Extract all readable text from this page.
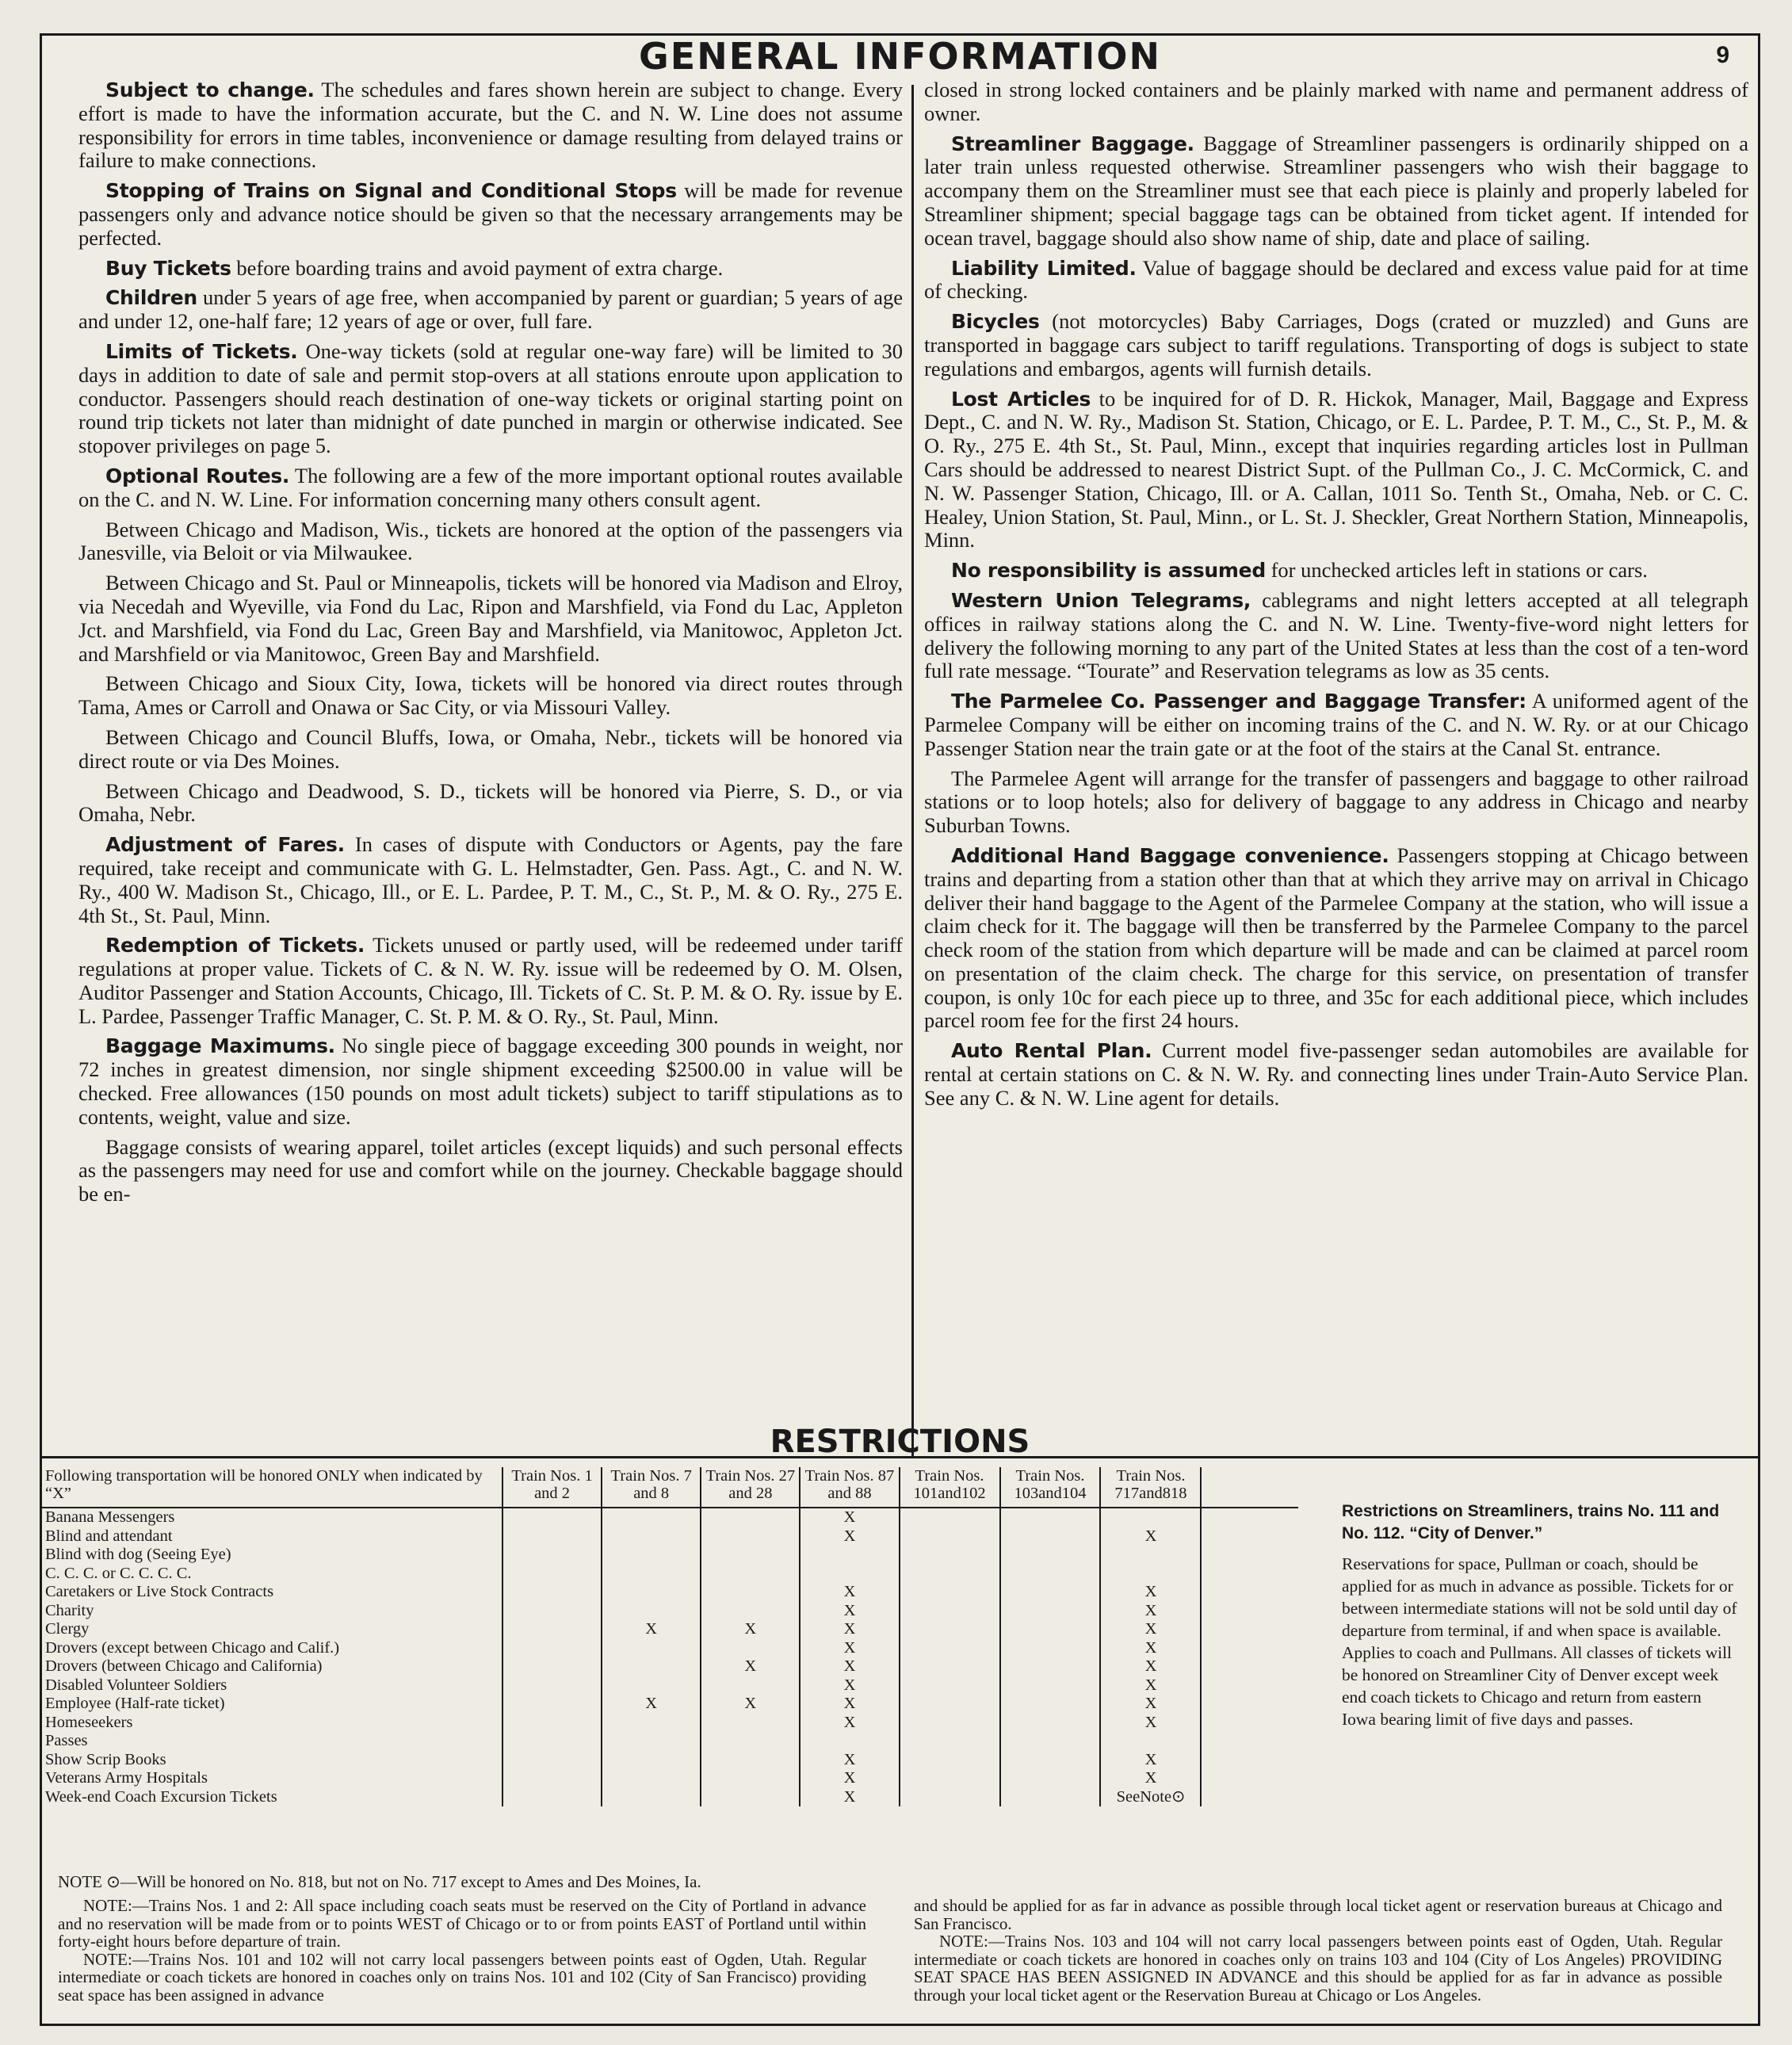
9
GENERAL INFORMATION

Subject to change. The schedules and fares shown herein are subject to change. Every effort is made to have the information accurate, but the C. and N. W. Line does not assume responsibility for errors in time tables, inconvenience or damage resulting from delayed trains or failure to make connections.

Stopping of Trains on Signal and Conditional Stops will be made for revenue passengers only and advance notice should be given so that the necessary arrangements may be perfected.

Buy Tickets before boarding trains and avoid payment of extra charge.

Children under 5 years of age free, when accompanied by parent or guardian; 5 years of age and under 12, one-half fare; 12 years of age or over, full fare.

Limits of Tickets. One-way tickets (sold at regular one-way fare) will be limited to 30 days in addition to date of sale and permit stop-overs at all stations enroute upon application to conductor. Passengers should reach destination of one-way tickets or original starting point on round trip tickets not later than midnight of date punched in margin or otherwise indicated. See stopover privileges on page 5.

Optional Routes. The following are a few of the more important optional routes available on the C. and N. W. Line. For information concerning many others consult agent.

Between Chicago and Madison, Wis., tickets are honored at the option of the passengers via Janesville, via Beloit or via Milwaukee.

Between Chicago and St. Paul or Minneapolis, tickets will be honored via Madison and Elroy, via Necedah and Wyeville, via Fond du Lac, Ripon and Marshfield, via Fond du Lac, Appleton Jct. and Marshfield, via Fond du Lac, Green Bay and Marshfield, via Manitowoc, Appleton Jct. and Marshfield or via Manitowoc, Green Bay and Marshfield.

Between Chicago and Sioux City, Iowa, tickets will be honored via direct routes through Tama, Ames or Carroll and Onawa or Sac City, or via Missouri Valley.

Between Chicago and Council Bluffs, Iowa, or Omaha, Nebr., tickets will be honored via direct route or via Des Moines.

Between Chicago and Deadwood, S. D., tickets will be honored via Pierre, S. D., or via Omaha, Nebr.

Adjustment of Fares. In cases of dispute with Conductors or Agents, pay the fare required, take receipt and communicate with G. L. Helmstadter, Gen. Pass. Agt., C. and N. W. Ry., 400 W. Madison St., Chicago, Ill., or E. L. Pardee, P. T. M., C., St. P., M. & O. Ry., 275 E. 4th St., St. Paul, Minn.

Redemption of Tickets. Tickets unused or partly used, will be redeemed under tariff regulations at proper value. Tickets of C. & N. W. Ry. issue will be redeemed by O. M. Olsen, Auditor Passenger and Station Accounts, Chicago, Ill. Tickets of C. St. P. M. & O. Ry. issue by E. L. Pardee, Passenger Traffic Manager, C. St. P. M. & O. Ry., St. Paul, Minn.

Baggage Maximums. No single piece of baggage exceeding 300 pounds in weight, nor 72 inches in greatest dimension, nor single shipment exceeding $2500.00 in value will be checked. Free allowances (150 pounds on most adult tickets) subject to tariff stipulations as to contents, weight, value and size.

Baggage consists of wearing apparel, toilet articles (except liquids) and such personal effects as the passengers may need for use and comfort while on the journey. Checkable baggage should be en-

closed in strong locked containers and be plainly marked with name and permanent address of owner.

Streamliner Baggage. Baggage of Streamliner passengers is ordinarily shipped on a later train unless requested otherwise. Streamliner passengers who wish their baggage to accompany them on the Streamliner must see that each piece is plainly and properly labeled for Streamliner shipment; special baggage tags can be obtained from ticket agent. If intended for ocean travel, baggage should also show name of ship, date and place of sailing.

Liability Limited. Value of baggage should be declared and excess value paid for at time of checking.

Bicycles (not motorcycles) Baby Carriages, Dogs (crated or muzzled) and Guns are transported in baggage cars subject to tariff regulations. Transporting of dogs is subject to state regulations and embargos, agents will furnish details.

Lost Articles to be inquired for of D. R. Hickok, Manager, Mail, Baggage and Express Dept., C. and N. W. Ry., Madison St. Station, Chicago, or E. L. Pardee, P. T. M., C., St. P., M. & O. Ry., 275 E. 4th St., St. Paul, Minn., except that inquiries regarding articles lost in Pullman Cars should be addressed to nearest District Supt. of the Pullman Co., J. C. McCormick, C. and N. W. Passenger Station, Chicago, Ill. or A. Callan, 1011 So. Tenth St., Omaha, Neb. or C. C. Healey, Union Station, St. Paul, Minn., or L. St. J. Sheckler, Great Northern Station, Minneapolis, Minn.

No responsibility is assumed for unchecked articles left in stations or cars.

Western Union Telegrams, cablegrams and night letters accepted at all telegraph offices in railway stations along the C. and N. W. Line. Twenty-five-word night letters for delivery the following morning to any part of the United States at less than the cost of a ten-word full rate message. “Tourate” and Reservation telegrams as low as 35 cents.

The Parmelee Co. Passenger and Baggage Transfer: A uniformed agent of the Parmelee Company will be either on incoming trains of the C. and N. W. Ry. or at our Chicago Passenger Station near the train gate or at the foot of the stairs at the Canal St. entrance.

The Parmelee Agent will arrange for the transfer of passengers and baggage to other railroad stations or to loop hotels; also for delivery of baggage to any address in Chicago and nearby Suburban Towns.

Additional Hand Baggage convenience. Passengers stopping at Chicago between trains and departing from a station other than that at which they arrive may on arrival in Chicago deliver their hand baggage to the Agent of the Parmelee Company at the station, who will issue a claim check for it. The baggage will then be transferred by the Parmelee Company to the parcel check room of the station from which departure will be made and can be claimed at parcel room on presentation of the claim check. The charge for this service, on presentation of transfer coupon, is only 10c for each piece up to three, and 35c for each additional piece, which includes parcel room fee for the first 24 hours.

Auto Rental Plan. Current model five-passenger sedan automobiles are available for rental at certain stations on C. & N. W. Ry. and connecting lines under Train-Auto Service Plan. See any C. & N. W. Line agent for details.

RESTRICTIONS
Following transportation will be honored ONLY when indicated by “X”	Train Nos. 1 and 2	Train Nos. 7 and 8	Train Nos. 27 and 28	Train Nos. 87 and 88	Train Nos. 101and102	Train Nos. 103and104	Train Nos. 717and818	
Banana Messengers				X				
Blind and attendant				X			X	
Blind with dog (Seeing Eye)								
C. C. C. or C. C. C. C.								
Caretakers or Live Stock Contracts				X			X	
Charity				X			X	
Clergy		X	X	X			X	
Drovers (except between Chicago and Calif.)				X			X	
Drovers (between Chicago and California)			X	X			X	
Disabled Volunteer Soldiers				X			X	
Employee (Half-rate ticket)		X	X	X			X	
Homeseekers				X			X	
Passes								
Show Scrip Books				X			X	
Veterans Army Hospitals				X			X	
Week-end Coach Excursion Tickets				X			SeeNote⊙	
Restrictions on Streamliners, trains No. 111 and No. 112. “City of Denver.”
Reservations for space, Pullman or coach, should be applied for as much in advance as possible. Tickets for or between intermediate stations will not be sold until day of departure from terminal, if and when space is available. Applies to coach and Pullmans. All classes of tickets will be honored on Streamliner City of Denver except week end coach tickets to Chicago and return from eastern Iowa bearing limit of five days and passes.
NOTE ⊙—Will be honored on No. 818, but not on No. 717 except to Ames and Des Moines, Ia.

NOTE:—Trains Nos. 1 and 2: All space including coach seats must be reserved on the City of Portland in advance and no reservation will be made from or to points WEST of Chicago or to or from points EAST of Portland until within forty-eight hours before departure of train.

NOTE:—Trains Nos. 101 and 102 will not carry local passengers between points east of Ogden, Utah. Regular intermediate or coach tickets are honored in coaches only on trains Nos. 101 and 102 (City of San Francisco) providing seat space has been assigned in advance

and should be applied for as far in advance as possible through local ticket agent or reservation bureaus at Chicago and San Francisco.

NOTE:—Trains Nos. 103 and 104 will not carry local passengers between points east of Ogden, Utah. Regular intermediate or coach tickets are honored in coaches only on trains 103 and 104 (City of Los Angeles) PROVIDING SEAT SPACE HAS BEEN ASSIGNED IN ADVANCE and this should be applied for as far in advance as possible through your local ticket agent or the Reservation Bureau at Chicago or Los Angeles.
